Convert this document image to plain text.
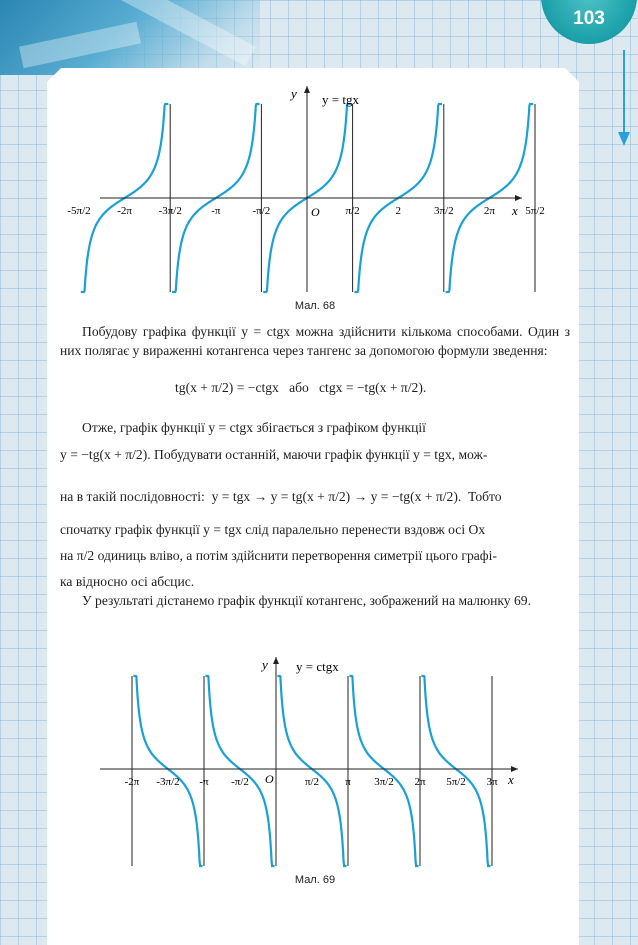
103
x
y y = tgx
O
-5π/2 -2π -3π/2	-π	-π/2	π/2	2	3π/2	2π	5π/2
Мал. 68
Побудову графіка функції y = ctgx можна здійснити кількома способами. Один з них полягає у вираженні котангенса через тангенс за допомогою формули зведення:
tg(x + π/2) = −ctgx або ctgx = −tg(x + π/2).
Отже, графік функції y = ctgx збігається з графіком функції
y = −tg(x + π/2). Побудувати останній, маючи графік функції y = tgx, мож-
на в такій послідовності: y = tgx → y = tg(x + π/2) → y = −tg(x + π/2). Тобто
спочатку графік функції y = tgx слід паралельно перенести вздовж осі Ox
на π/2 одиниць вліво, а потім здійснити перетворення симетрії цього графі-
ка відносно осі абсцис.
У результаті дістанемо графік функції котангенс, зображений на малюнку 69.
x
y y = ctgx
O
-2π -3π/2 -π -π/2	π/2 π 3π/2 2π 5π/2 3π
Мал. 69
